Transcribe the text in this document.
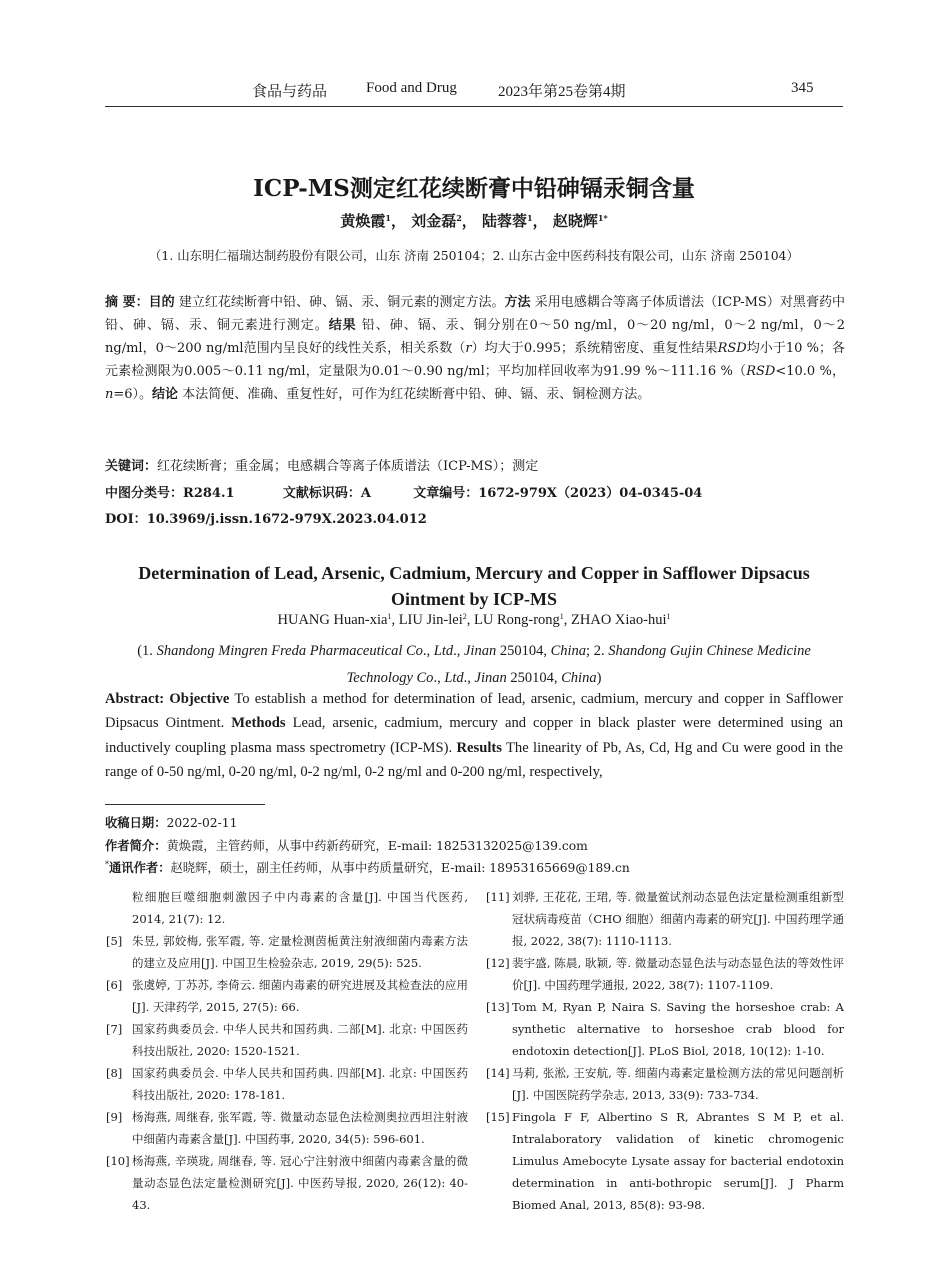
食品与药品	Food and Drug	2023年第25卷第4期	345
ICP-MS测定红花续断膏中铅砷镉汞铜含量
黄焕霞$^1$， 刘金磊$^2$， 陆蓉蓉$^1$， 赵晓辉$^{1*}$
（1. 山东明仁福瑞达制药股份有限公司，山东 济南 250104；2. 山东古金中医药科技有限公司，山东 济南 250104）
摘 要：目的 建立红花续断膏中铅、砷、镉、汞、铜元素的测定方法。方法 采用电感耦合等离子体质谱法（ICP-MS）对黑膏药中铅、砷、镉、汞、铜元素进行测定。结果 铅、砷、镉、汞、铜分别在0～50 ng/ml，0～20 ng/ml，0～2 ng/ml，0～2 ng/ml，0～200 ng/ml范围内呈良好的线性关系，相关系数（r）均大于0.995；系统精密度、重复性结果RSD均小于10 %；各元素检测限为0.005～0.11 ng/ml，定量限为0.01～0.90 ng/ml；平均加样回收率为91.99 %～111.16 %（RSD<10.0 %，n=6）。结论 本法简便、准确、重复性好，可作为红花续断膏中铅、砷、镉、汞、铜检测方法。
关键词：红花续断膏；重金属；电感耦合等离子体质谱法（ICP-MS）；测定
中图分类号：R284.1	文献标识码：A	文章编号：1672-979X（2023）04-0345-04
DOI：10.3969/j.issn.1672-979X.2023.04.012
Determination of Lead, Arsenic, Cadmium, Mercury and Copper in Safflower Dipsacus Ointment by ICP-MS
HUANG Huan-xia$^1$, LIU Jin-lei$^2$, LU Rong-rong$^1$, ZHAO Xiao-hui$^1$
(1. Shandong Mingren Freda Pharmaceutical Co., Ltd., Jinan 250104, China; 2. Shandong Gujin Chinese Medicine Technology Co., Ltd., Jinan 250104, China)
Abstract: Objective To establish a method for determination of lead, arsenic, cadmium, mercury and copper in Safflower Dipsacus Ointment. Methods Lead, arsenic, cadmium, mercury and copper in black plaster were determined using an inductively coupling plasma mass spectrometry (ICP-MS). Results The linearity of Pb, As, Cd, Hg and Cu were good in the range of 0-50 ng/ml, 0-20 ng/ml, 0-2 ng/ml, 0-2 ng/ml and 0-200 ng/ml, respectively,
收稿日期：2022-02-11
作者简介：黄焕霞，主管药师，从事中药新药研究，E-mail: 18253132025@139.com
*通讯作者：赵晓辉，硕士，副主任药师，从事中药质量研究，E-mail: 18953165669@189.cn
粒细胞巨噬细胞刺激因子中内毒素的含量[J]. 中国当代医药, 2014, 21(7): 12.
[5] 朱昱, 郭姣梅, 张军霞, 等. 定量检测茵栀黄注射液细菌内毒素方法的建立及应用[J]. 中国卫生检验杂志, 2019, 29(5): 525.
[6] 张虞婷, 丁苏苏, 李倚云. 细菌内毒素的研究进展及其检查法的应用[J]. 天津药学, 2015, 27(5): 66.
[7] 国家药典委员会. 中华人民共和国药典. 二部[M]. 北京: 中国医药科技出版社, 2020: 1520-1521.
[8] 国家药典委员会. 中华人民共和国药典. 四部[M]. 北京: 中国医药科技出版社, 2020: 178-181.
[9] 杨海燕, 周继春, 张军霞, 等. 微量动态显色法检测奥拉西坦注射液中细菌内毒素含量[J]. 中国药事, 2020, 34(5): 596-601.
[10] 杨海燕, 辛瑛珑, 周继春, 等. 冠心宁注射液中细菌内毒素含量的微量动态显色法定量检测研究[J]. 中医药导报, 2020, 26(12): 40-43.
[11] 刘骅, 王花花, 王珺, 等. 微量鲎试剂动态显色法定量检测重组新型冠状病毒疫苗（CHO 细胞）细菌内毒素的研究[J]. 中国药理学通报, 2022, 38(7): 1110-1113.
[12] 裴宇盛, 陈晨, 耿颖, 等. 微量动态显色法与动态显色法的等效性评价[J]. 中国药理学通报, 2022, 38(7): 1107-1109.
[13] Tom M, Ryan P, Naira S. Saving the horseshoe crab: A synthetic alternative to horseshoe crab blood for endotoxin detection[J]. PLoS Biol, 2018, 10(12): 1-10.
[14] 马莉, 张淞, 王安航, 等. 细菌内毒素定量检测方法的常见问题剖析[J]. 中国医院药学杂志, 2013, 33(9): 733-734.
[15] Fingola F F, Albertino S R, Abrantes S M P, et al. Intralaboratory validation of kinetic chromogenic Limulus Amebocyte Lysate assay for bacterial endotoxin determination in anti-bothropic serum[J]. J Pharm Biomed Anal, 2013, 85(8): 93-98.
